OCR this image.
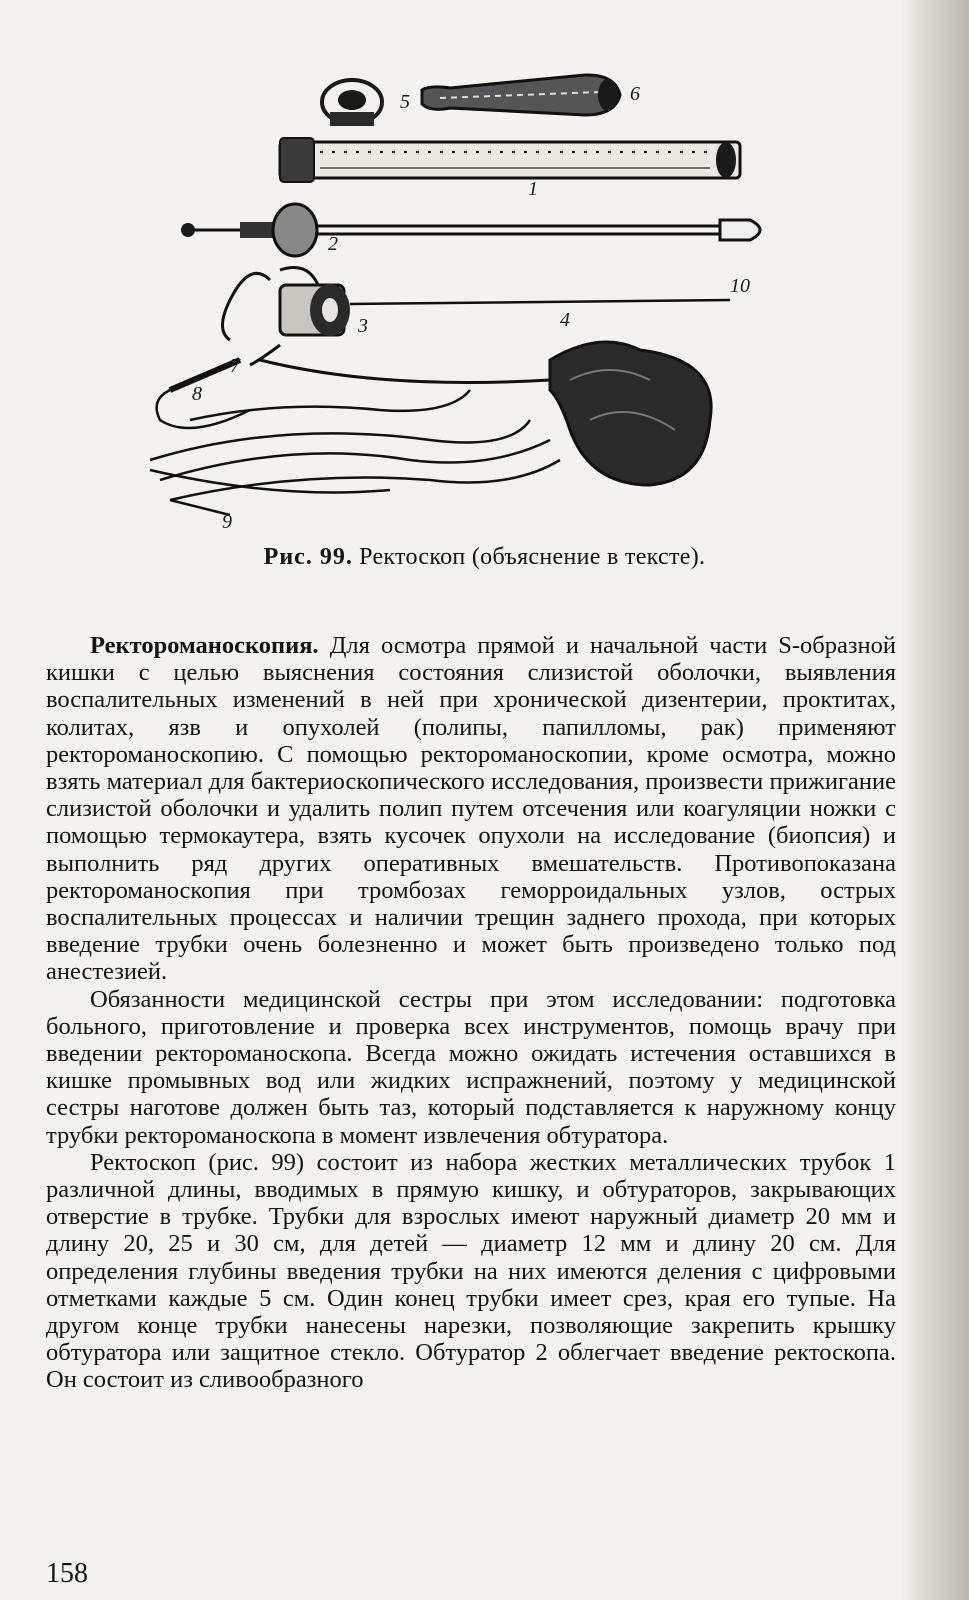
5	6
1
2
10
3	4
7
8
9
Рис. 99. Ректоскоп (объяснение в тексте).

Ректороманоскопия. Для осмотра прямой и начальной части S-образной кишки с целью выяснения состояния слизистой оболочки, выявления воспалительных изменений в ней при хронической дизентерии, проктитах, колитах, язв и опухолей (полипы, папилломы, рак) применяют ректороманоскопию. С помощью ректороманоскопии, кроме осмотра, можно взять материал для бактериоскопического исследования, произвести прижигание слизистой оболочки и удалить полип путем отсечения или коагуляции ножки с помощью термокаутера, взять кусочек опухоли на исследование (биопсия) и выполнить ряд других оперативных вмешательств. Противопоказана ректороманоскопия при тромбозах геморроидальных узлов, острых воспалительных процессах и наличии трещин заднего прохода, при которых введение трубки очень болезненно и может быть произведено только под анестезией.

Обязанности медицинской сестры при этом исследовании: подготовка больного, приготовление и проверка всех инструментов, помощь врачу при введении ректороманоскопа. Всегда можно ожидать истечения оставшихся в кишке промывных вод или жидких испражнений, поэтому у медицинской сестры наготове должен быть таз, который подставляется к наружному концу трубки ректороманоскопа в момент извлечения обтуратора.

Ректоскоп (рис. 99) состоит из набора жестких металлических трубок 1 различной длины, вводимых в прямую кишку, и обтураторов, закрывающих отверстие в трубке. Трубки для взрослых имеют наружный диаметр 20 мм и длину 20, 25 и 30 см, для детей — диаметр 12 мм и длину 20 см. Для определения глубины введения трубки на них имеются деления с цифровыми отметками каждые 5 см. Один конец трубки имеет срез, края его тупые. На другом конце трубки нанесены нарезки, позволяющие закрепить крышку обтуратора или защитное стекло. Обтуратор 2 облегчает введение ректоскопа. Он состоит из сливообразного

158
